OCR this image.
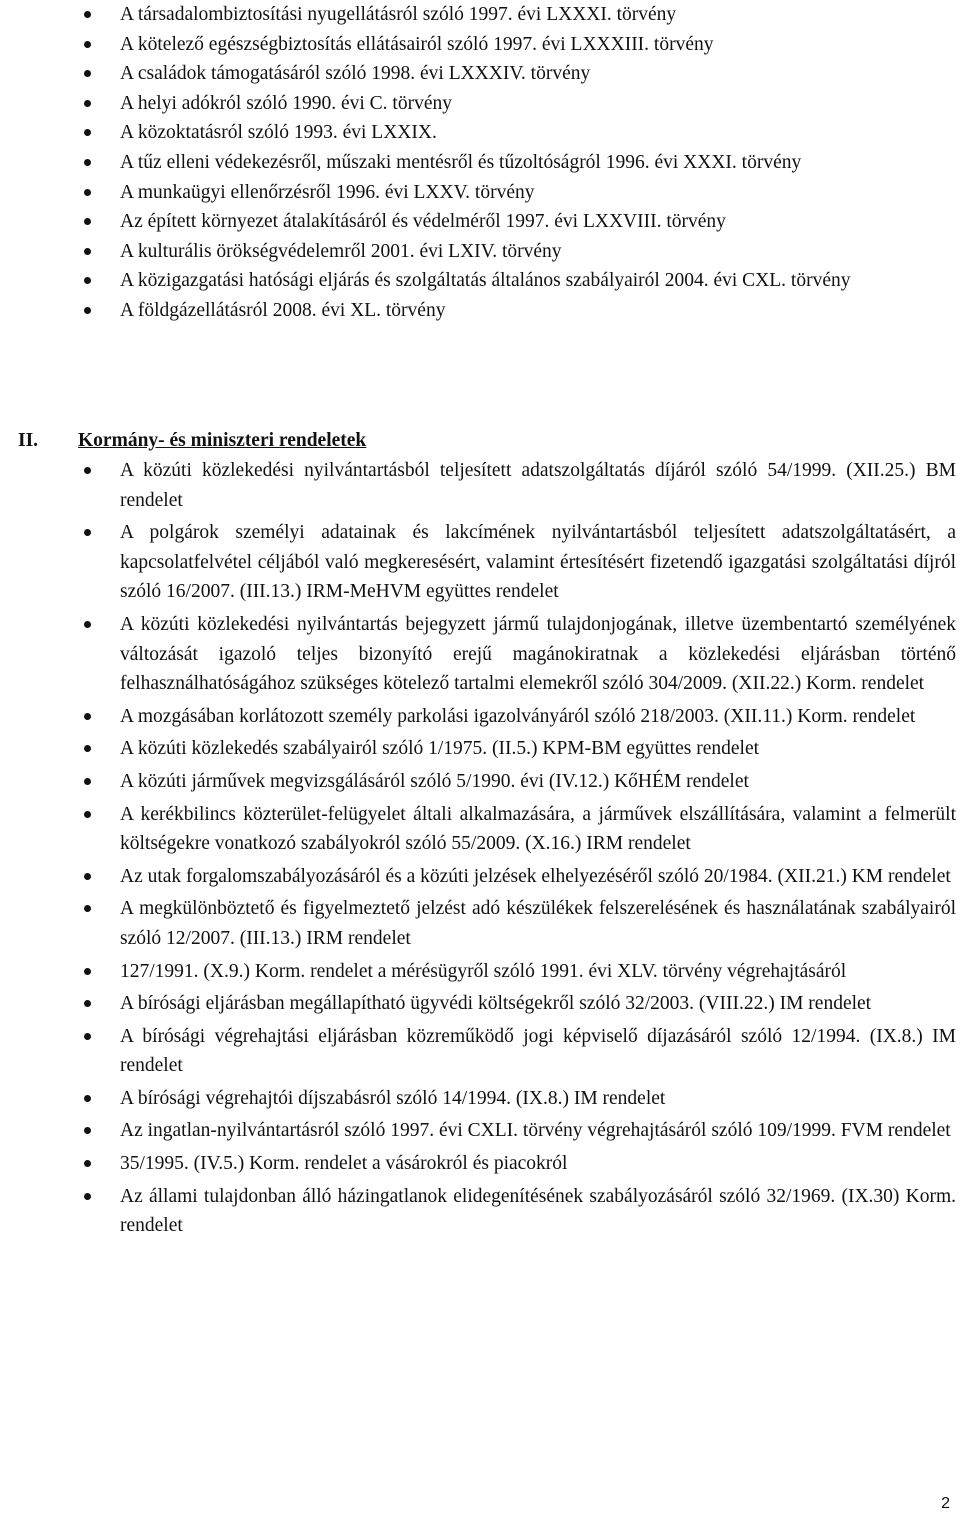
A társadalombiztosítási nyugellátásról szóló 1997. évi LXXXI. törvény
A kötelező egészségbiztosítás ellátásairól szóló 1997. évi LXXXIII. törvény
A családok támogatásáról szóló 1998. évi LXXXIV. törvény
A helyi adókról szóló 1990. évi C. törvény
A közoktatásról szóló 1993. évi LXXIX.
A tűz elleni védekezésről, műszaki mentésről és tűzoltóságról 1996. évi XXXI. törvény
A munkaügyi ellenőrzésről 1996. évi LXXV. törvény
Az épített környezet átalakításáról és védelméről 1997. évi LXXVIII. törvény
A kulturális örökségvédelemről 2001. évi LXIV. törvény
A közigazgatási hatósági eljárás és szolgáltatás általános szabályairól 2004. évi CXL. törvény
A földgázellátásról 2008. évi XL. törvény
II. Kormány- és miniszteri rendeletek
A közúti közlekedési nyilvántartásból teljesített adatszolgáltatás díjáról szóló 54/1999. (XII.25.) BM rendelet
A polgárok személyi adatainak és lakcímének nyilvántartásból teljesített adatszolgáltatásért, a kapcsolatfelvétel céljából való megkeresésért, valamint értesítésért fizetendő igazgatási szolgáltatási díjról szóló 16/2007. (III.13.) IRM-MeHVM együttes rendelet
A közúti közlekedési nyilvántartás bejegyzett jármű tulajdonjogának, illetve üzembentartó személyének változását igazoló teljes bizonyító erejű magánokiratnak a közlekedési eljárásban történő felhasználhatóságához szükséges kötelező tartalmi elemekről szóló 304/2009. (XII.22.) Korm. rendelet
A mozgásában korlátozott személy parkolási igazolványáról szóló 218/2003. (XII.11.) Korm. rendelet
A közúti közlekedés szabályairól szóló 1/1975. (II.5.) KPM-BM együttes rendelet
A közúti járművek megvizsgálásáról szóló 5/1990. évi (IV.12.) KőHÉM rendelet
A kerékbilincs közterület-felügyelet általi alkalmazására, a járművek elszállítására, valamint a felmerült költségekre vonatkozó szabályokról szóló 55/2009. (X.16.) IRM rendelet
Az utak forgalomszabályozásáról és a közúti jelzések elhelyezéséről szóló 20/1984. (XII.21.) KM rendelet
A megkülönböztető és figyelmeztető jelzést adó készülékek felszerelésének és használatának szabályairól szóló 12/2007. (III.13.) IRM rendelet
127/1991. (X.9.) Korm. rendelet a mérésügyről szóló 1991. évi XLV. törvény végrehajtásáról
A bírósági eljárásban megállapítható ügyvédi költségekről szóló 32/2003. (VIII.22.) IM rendelet
A bírósági végrehajtási eljárásban közreműködő jogi képviselő díjazásáról szóló 12/1994. (IX.8.) IM rendelet
A bírósági végrehajtói díjszabásról szóló 14/1994. (IX.8.) IM rendelet
Az ingatlan-nyilvántartásról szóló 1997. évi CXLI. törvény végrehajtásáról szóló 109/1999. FVM rendelet
35/1995. (IV.5.) Korm. rendelet a vásárokról és piacokról
Az állami tulajdonban álló házingatlanok elidegenítésének szabályozásáról szóló 32/1969. (IX.30) Korm. rendelet
2
